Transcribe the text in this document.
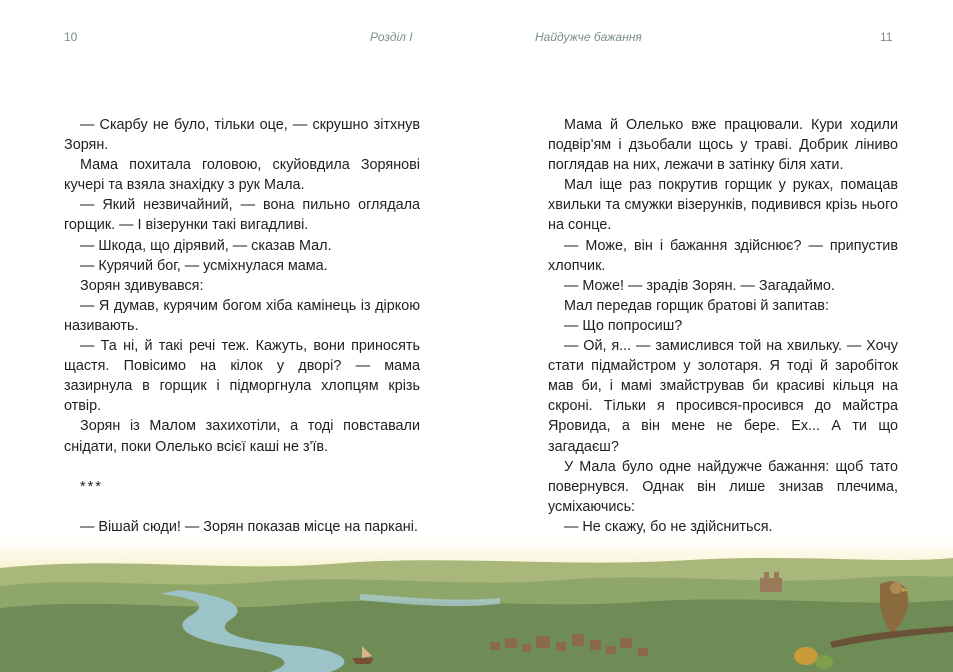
10	Розділ І

— Скарбу не було, тільки оце, — скрушно зітхнув Зорян.

Мама похитала головою, скуйовдила Зорянові кучері та взяла знахідку з рук Мала.

— Який незвичайний, — вона пильно оглядала горщик. — І візерунки такі вигадливі.

— Шкода, що дірявий, — сказав Мал.

— Курячий бог, — усміхнулася мама.

Зорян здивувався:

— Я думав, курячим богом хіба камінець із діркою називають.

— Та ні, й такі речі теж. Кажуть, вони приносять щастя. Повісимо на кілок у дворі? — мама зазирнула в горщик і підморгнула хлопцям крізь отвір.

Зорян із Малом захихотіли, а тоді повставали снідати, поки Олелько всієї каші не з'їв.

***

— Вішай сюди! — Зорян показав місце на паркані.

Найдужче бажання	11

Мама й Олелько вже працювали. Кури ходили подвір'ям і дзьобали щось у траві. Добрик ліниво поглядав на них, лежачи в затінку біля хати.

Мал іще раз покрутив горщик у руках, помацав хвильки та смужки візерунків, подивився крізь нього на сонце.

— Може, він і бажання здійснює? — припустив хлопчик.

— Може! — зрадів Зорян. — Загадаймо.

Мал передав горщик братові й запитав:

— Що попросиш?

— Ой, я... — замислився той на хвильку. — Хочу стати підмайстром у золотаря. Я тоді й заробіток мав би, і мамі змайстрував би красиві кільця на скроні. Тільки я просився-просився до майстра Яровида, а він мене не бере. Ех... А ти що загадаєш?

У Мала було одне найдужче бажання: щоб тато повернувся. Однак він лише знизав плечима, усміхаючись:

— Не скажу, бо не здійсниться.
